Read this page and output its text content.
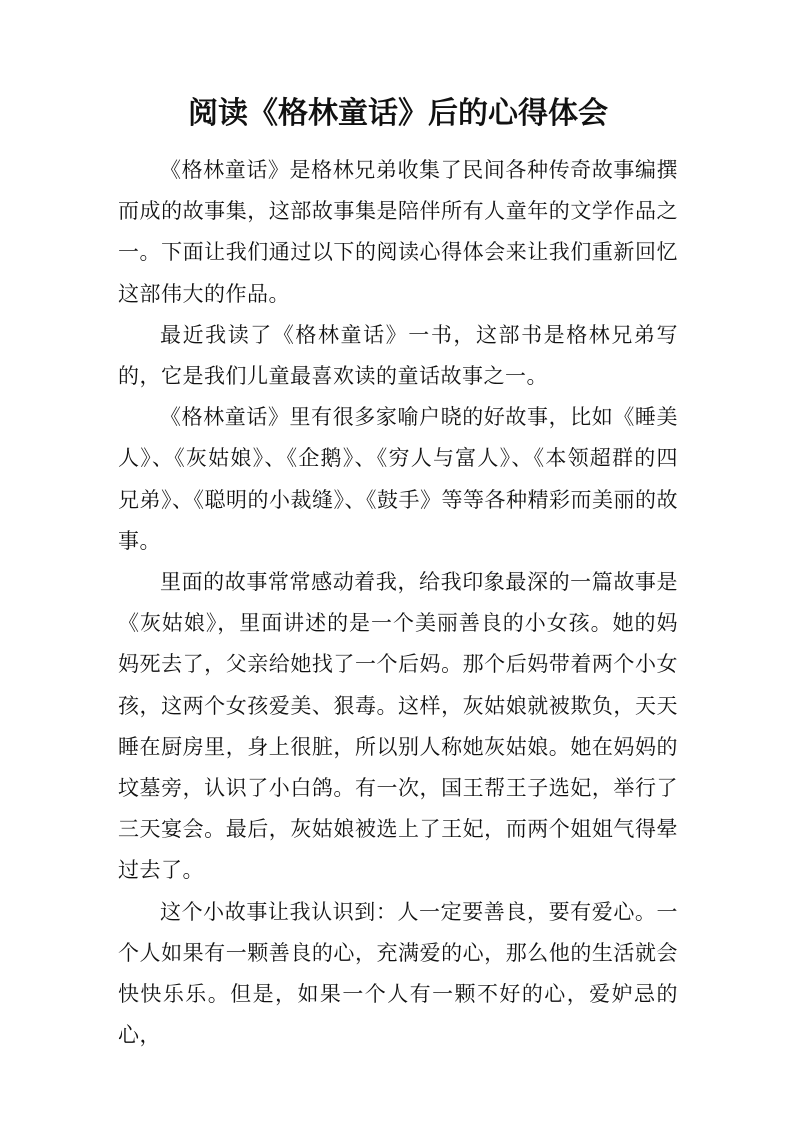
阅读《格林童话》后的心得体会

《格林童话》是格林兄弟收集了民间各种传奇故事编撰而成的故事集，这部故事集是陪伴所有人童年的文学作品之一。下面让我们通过以下的阅读心得体会来让我们重新回忆这部伟大的作品。

最近我读了《格林童话》一书，这部书是格林兄弟写的，它是我们儿童最喜欢读的童话故事之一。

《格林童话》里有很多家喻户晓的好故事，比如《睡美人》、《灰姑娘》、《企鹅》、《穷人与富人》、《本领超群的四兄弟》、《聪明的小裁缝》、《鼓手》等等各种精彩而美丽的故事。

里面的故事常常感动着我，给我印象最深的一篇故事是《灰姑娘》，里面讲述的是一个美丽善良的小女孩。她的妈妈死去了，父亲给她找了一个后妈。那个后妈带着两个小女孩，这两个女孩爱美、狠毒。这样，灰姑娘就被欺负，天天睡在厨房里，身上很脏，所以别人称她灰姑娘。她在妈妈的坟墓旁，认识了小白鸽。有一次，国王帮王子选妃，举行了三天宴会。最后，灰姑娘被选上了王妃，而两个姐姐气得晕过去了。

这个小故事让我认识到：人一定要善良，要有爱心。一个人如果有一颗善良的心，充满爱的心，那么他的生活就会快快乐乐。但是，如果一个人有一颗不好的心，爱妒忌的心，
